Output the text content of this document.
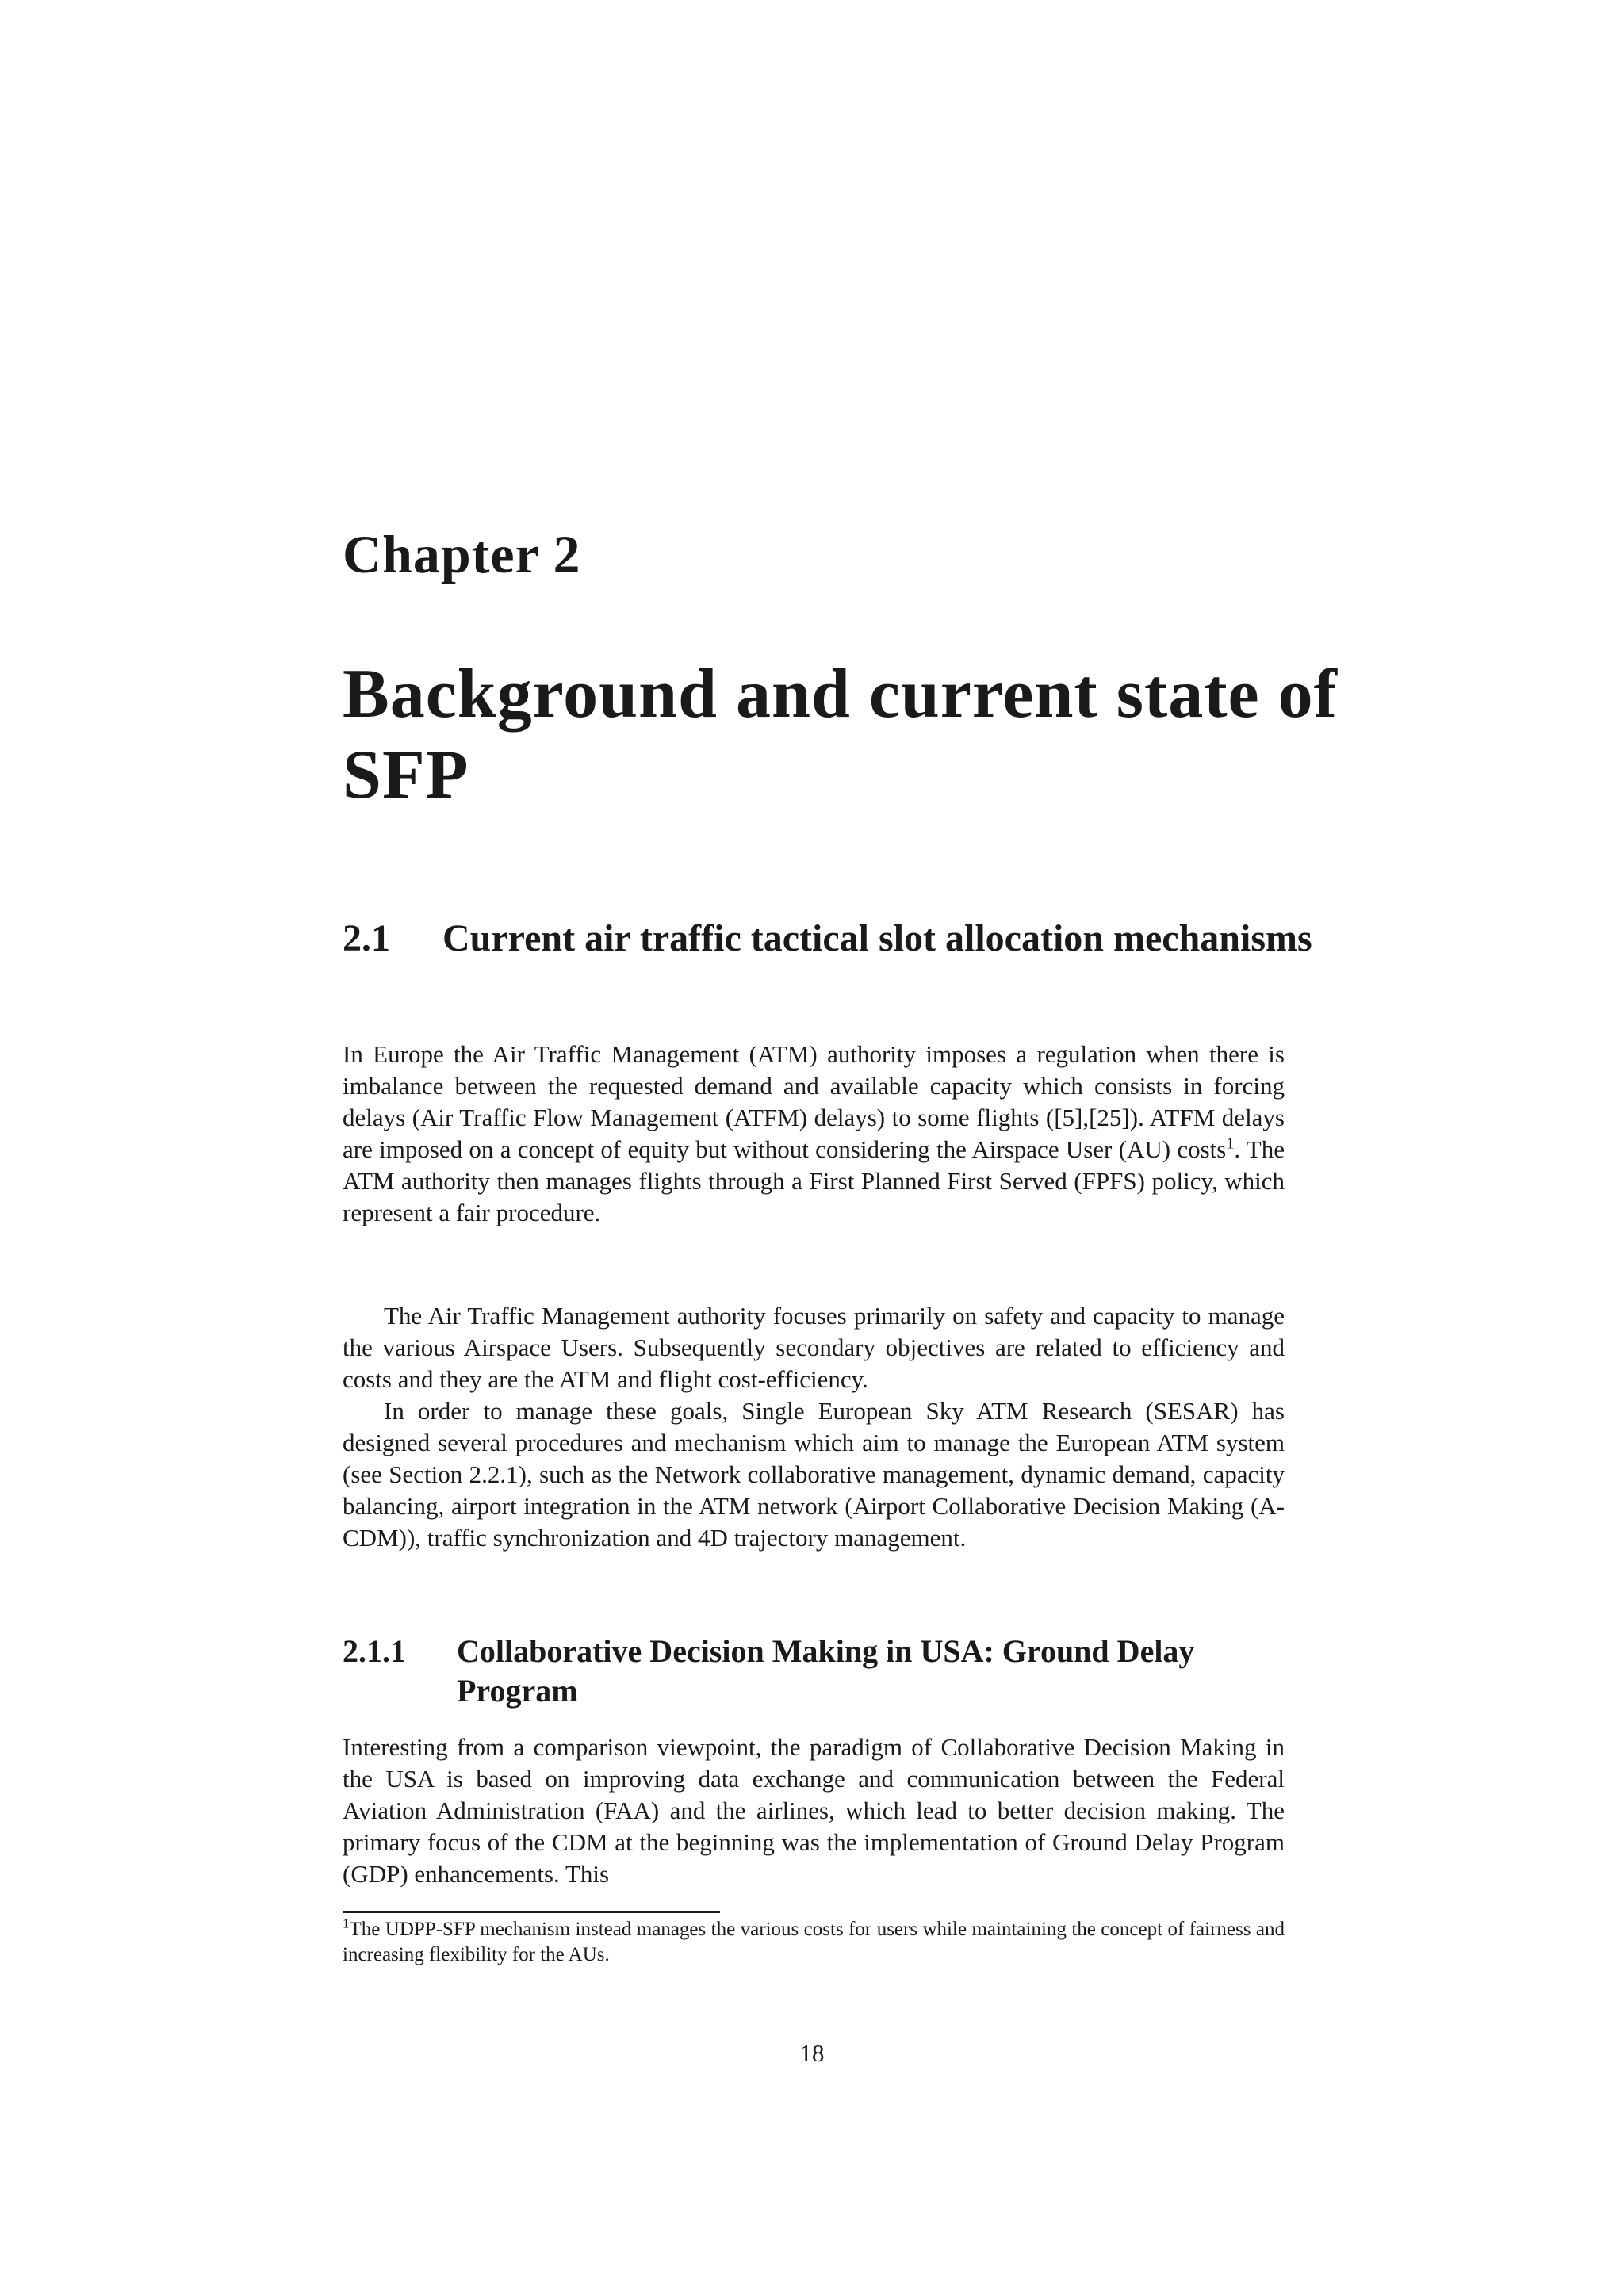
Chapter 2
Background and current state of SFP
2.1 Current air traffic tactical slot allocation mechanisms
In Europe the Air Traffic Management (ATM) authority imposes a regulation when there is imbalance between the requested demand and available capacity which consists in forcing delays (Air Traffic Flow Management (ATFM) delays) to some flights ([5],[25]). ATFM delays are imposed on a concept of equity but without considering the Airspace User (AU) costs$^1$. The ATM authority then manages flights through a First Planned First Served (FPFS) policy, which represent a fair procedure.
The Air Traffic Management authority focuses primarily on safety and capacity to manage the various Airspace Users. Subsequently secondary objectives are related to efficiency and costs and they are the ATM and flight cost-efficiency.
In order to manage these goals, Single European Sky ATM Research (SESAR) has designed several procedures and mechanism which aim to manage the European ATM system (see Section 2.2.1), such as the Network collaborative management, dynamic demand, capacity balancing, airport integration in the ATM network (Airport Collaborative Decision Making (A-CDM)), traffic synchronization and 4D trajectory management.
2.1.1 Collaborative Decision Making in USA: Ground Delay Program
Interesting from a comparison viewpoint, the paradigm of Collaborative Decision Making in the USA is based on improving data exchange and communication between the Federal Aviation Administration (FAA) and the airlines, which lead to better decision making. The primary focus of the CDM at the beginning was the implementation of Ground Delay Program (GDP) enhancements. This
$^1$The UDPP-SFP mechanism instead manages the various costs for users while maintaining the concept of fairness and increasing flexibility for the AUs.
18
